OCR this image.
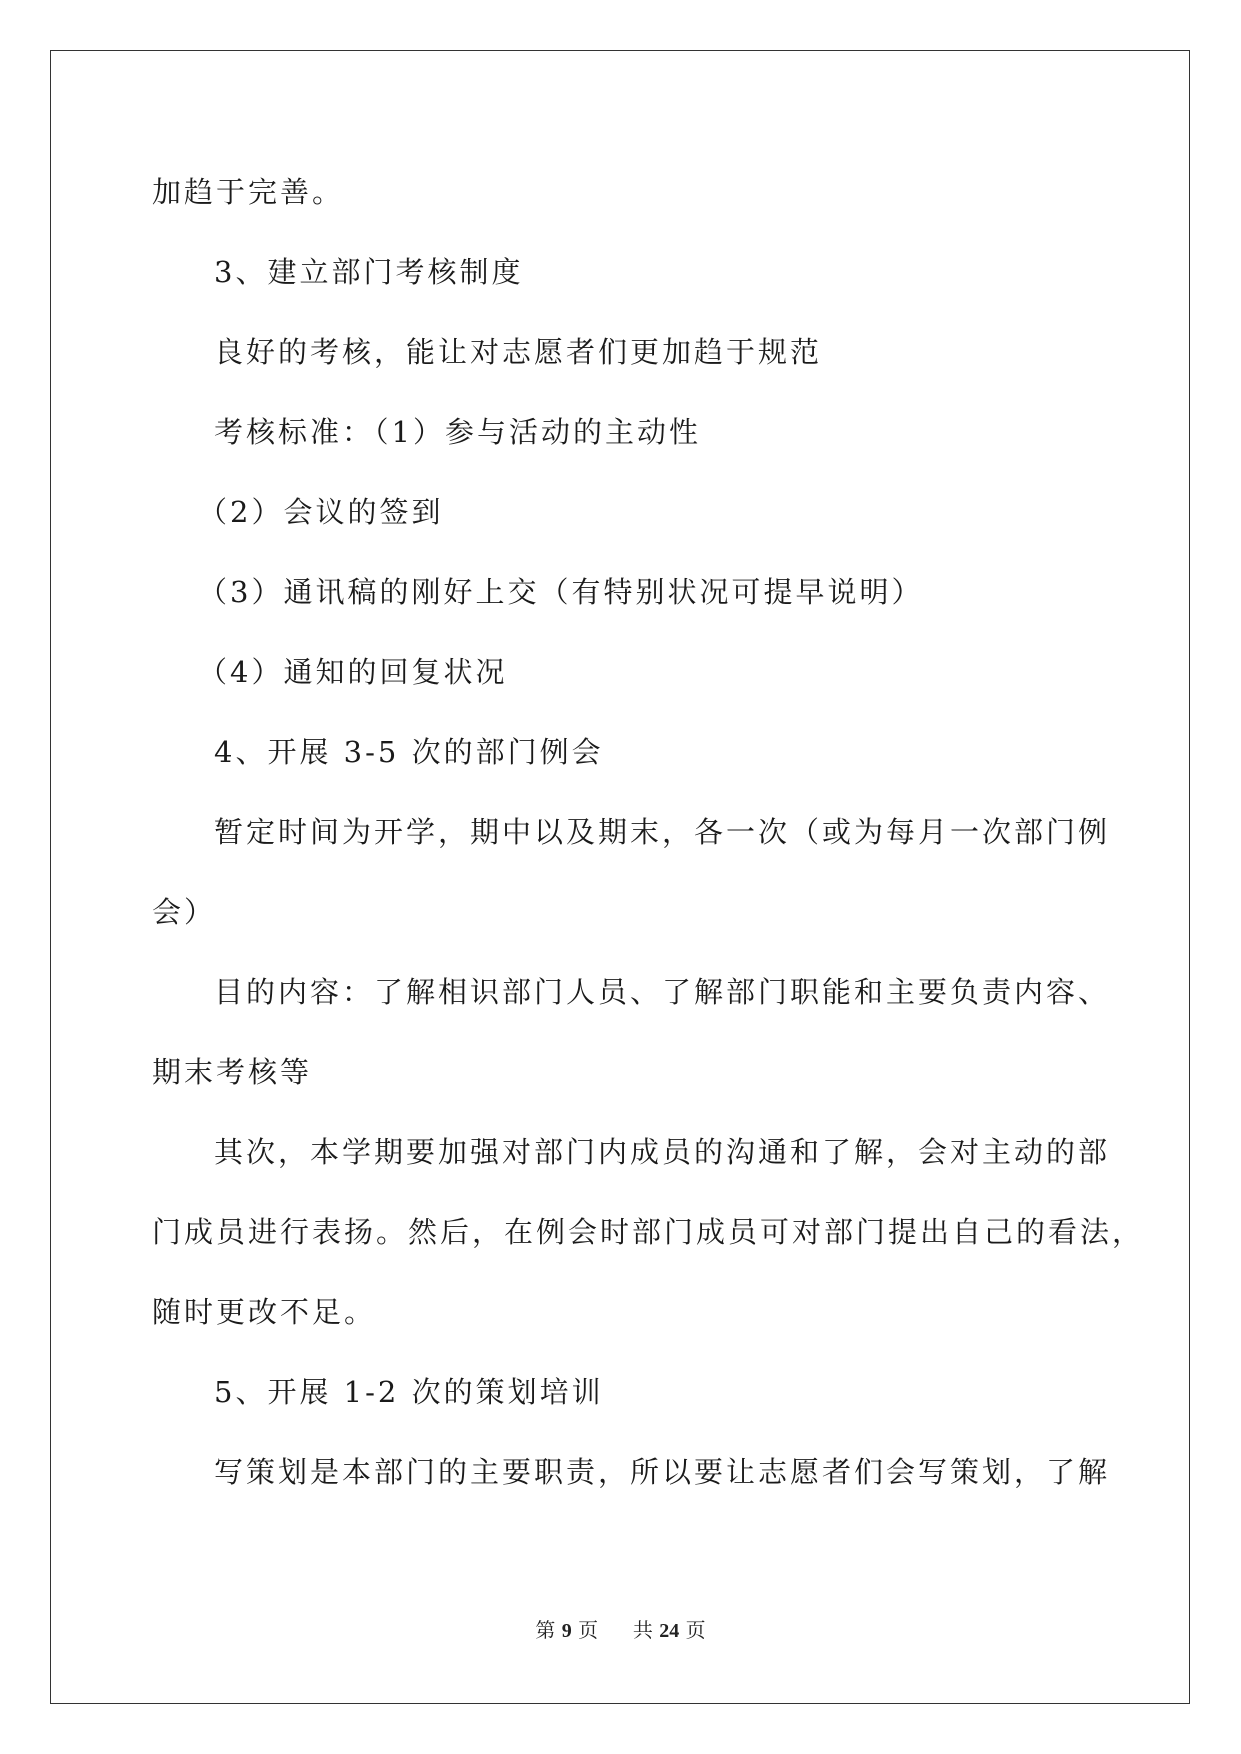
加趋于完善。
3、建立部门考核制度
良好的考核，能让对志愿者们更加趋于规范
考核标准：（1）参与活动的主动性
（2）会议的签到
（3）通讯稿的刚好上交（有特别状况可提早说明）
（4）通知的回复状况
4、开展 3-5 次的部门例会
暂定时间为开学，期中以及期末，各一次（或为每月一次部门例
会）
目的内容：了解相识部门人员、了解部门职能和主要负责内容、
期末考核等
其次，本学期要加强对部门内成员的沟通和了解，会对主动的部
门成员进行表扬。然后，在例会时部门成员可对部门提出自己的看法，
随时更改不足。
5、开展 1-2 次的策划培训
写策划是本部门的主要职责，所以要让志愿者们会写策划，了解
第 9 页 共 24 页
